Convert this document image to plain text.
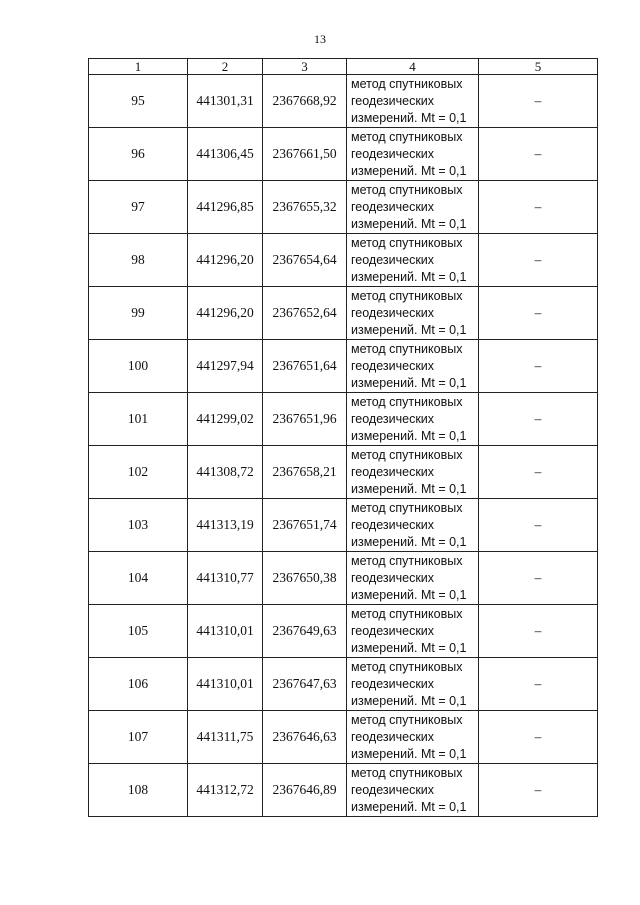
13
1	2	3	4	5
95	441301,31	2367668,92	метод спутниковых
геодезических
измерений. Mt = 0,1	–
96	441306,45	2367661,50	метод спутниковых
геодезических
измерений. Mt = 0,1	–
97	441296,85	2367655,32	метод спутниковых
геодезических
измерений. Mt = 0,1	–
98	441296,20	2367654,64	метод спутниковых
геодезических
измерений. Mt = 0,1	–
99	441296,20	2367652,64	метод спутниковых
геодезических
измерений. Mt = 0,1	–
100	441297,94	2367651,64	метод спутниковых
геодезических
измерений. Mt = 0,1	–
101	441299,02	2367651,96	метод спутниковых
геодезических
измерений. Mt = 0,1	–
102	441308,72	2367658,21	метод спутниковых
геодезических
измерений. Mt = 0,1	–
103	441313,19	2367651,74	метод спутниковых
геодезических
измерений. Mt = 0,1	–
104	441310,77	2367650,38	метод спутниковых
геодезических
измерений. Mt = 0,1	–
105	441310,01	2367649,63	метод спутниковых
геодезических
измерений. Mt = 0,1	–
106	441310,01	2367647,63	метод спутниковых
геодезических
измерений. Mt = 0,1	–
107	441311,75	2367646,63	метод спутниковых
геодезических
измерений. Mt = 0,1	–
108	441312,72	2367646,89	метод спутниковых
геодезических
измерений. Mt = 0,1	–
